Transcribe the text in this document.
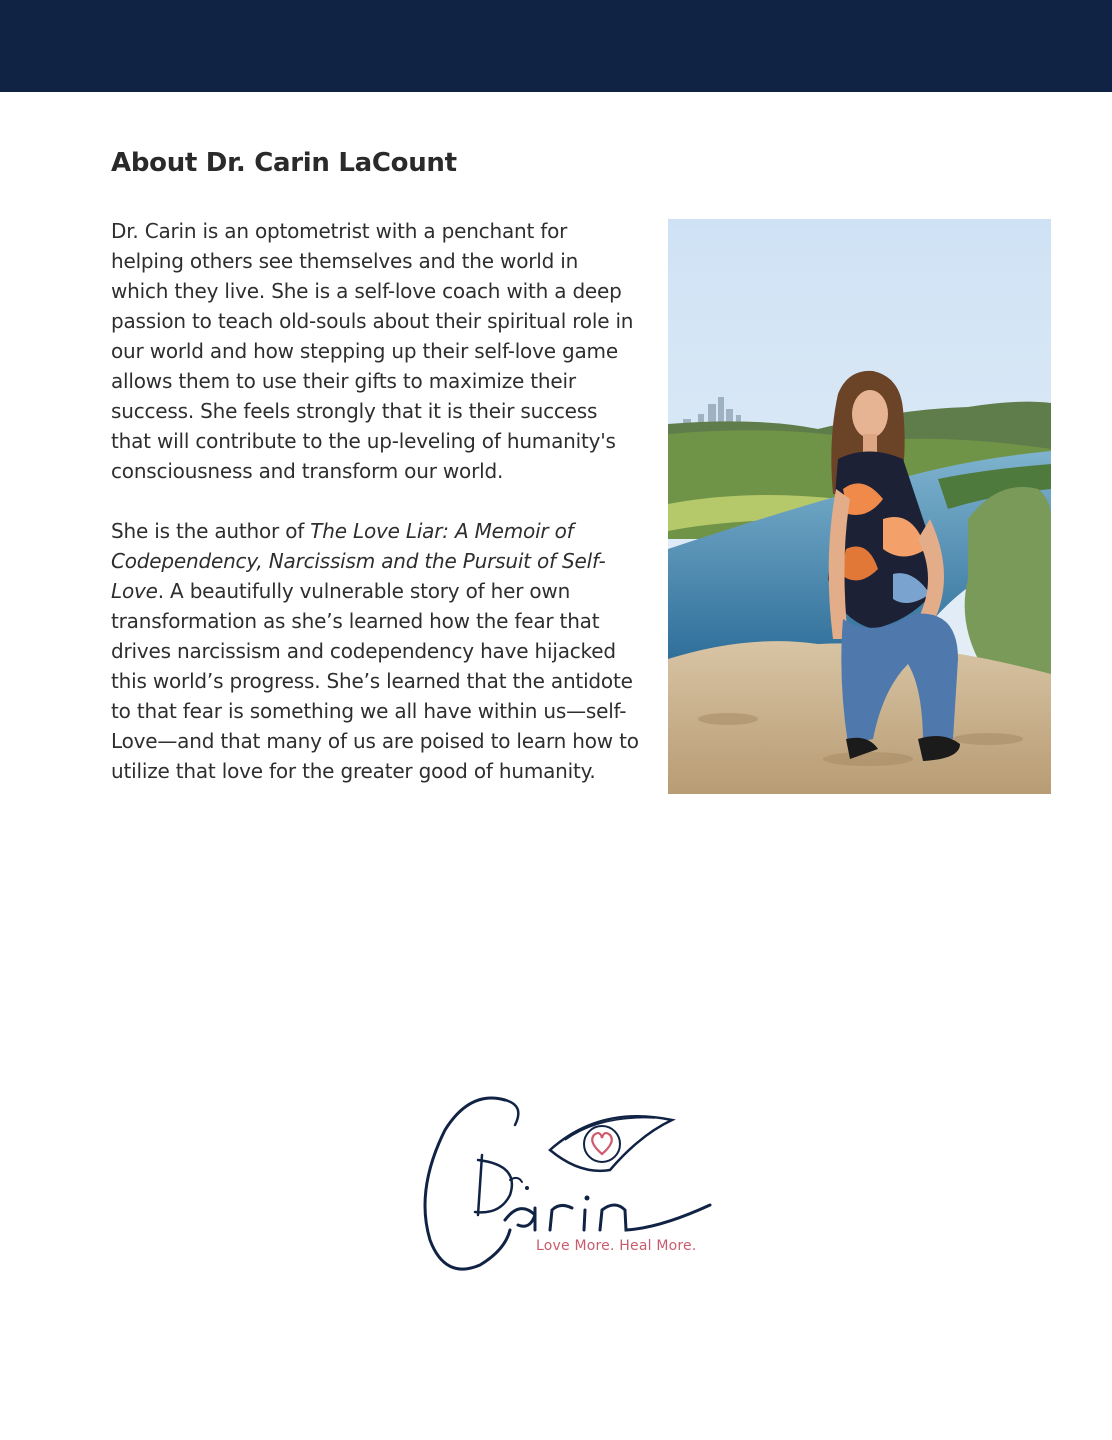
About Dr. Carin LaCount

Dr. Carin is an optometrist with a penchant for helping others see themselves and the world in which they live. She is a self-love coach with a deep passion to teach old-souls about their spiritual role in our world and how stepping up their self-love game allows them to use their gifts to maximize their success. She feels strongly that it is their success that will contribute to the up-leveling of humanity's consciousness and transform our world.

She is the author of The Love Liar: A Memoir of Codependency, Narcissism and the Pursuit of Self-Love. A beautifully vulnerable story of her own transformation as she’s learned how the fear that drives narcissism and codependency have hijacked this world’s progress. She’s learned that the antidote to that fear is something we all have within us—self-Love—and that many of us are poised to learn how to utilize that love for the greater good of humanity.

Love More. Heal More.
